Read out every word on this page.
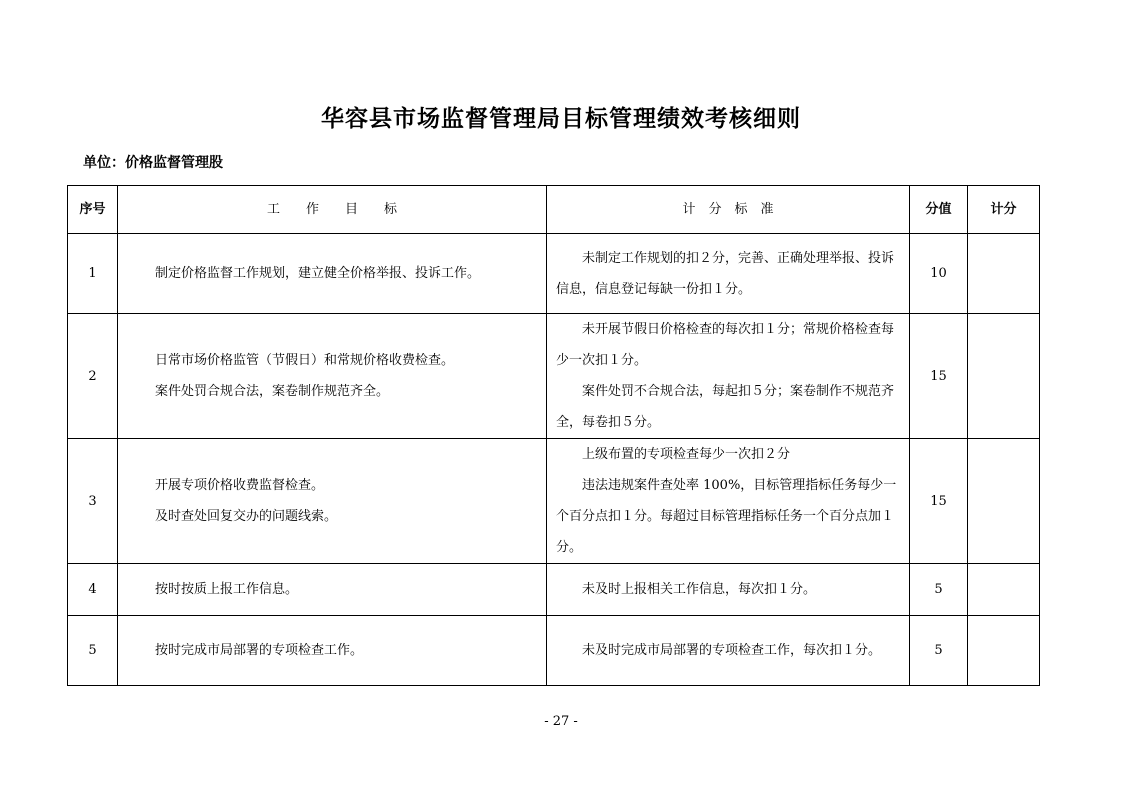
华容县市场监督管理局目标管理绩效考核细则
单位：价格监督管理股
序号	工　　作　　目　　标	计　分　标　准	分值	计分
1	制定价格监督工作规划，建立健全价格举报、投诉工作。	未制定工作规划的扣２分，完善、正确处理举报、投诉信息，信息登记每缺一份扣１分。	10	
2	日常市场价格监管（节假日）和常规价格收费检查。
案件处罚合规合法，案卷制作规范齐全。	未开展节假日价格检查的每次扣１分；常规价格检查每少一次扣１分。
案件处罚不合规合法，每起扣５分；案卷制作不规范齐全，每卷扣５分。	15	
3	开展专项价格收费监督检查。
及时查处回复交办的问题线索。	上级布置的专项检查每少一次扣２分
违法违规案件查处率 100%，目标管理指标任务每少一个百分点扣１分。每超过目标管理指标任务一个百分点加１分。	15	
4	按时按质上报工作信息。	未及时上报相关工作信息，每次扣１分。	5	
5	按时完成市局部署的专项检查工作。	未及时完成市局部署的专项检查工作，每次扣１分。	5	
- 27 -
